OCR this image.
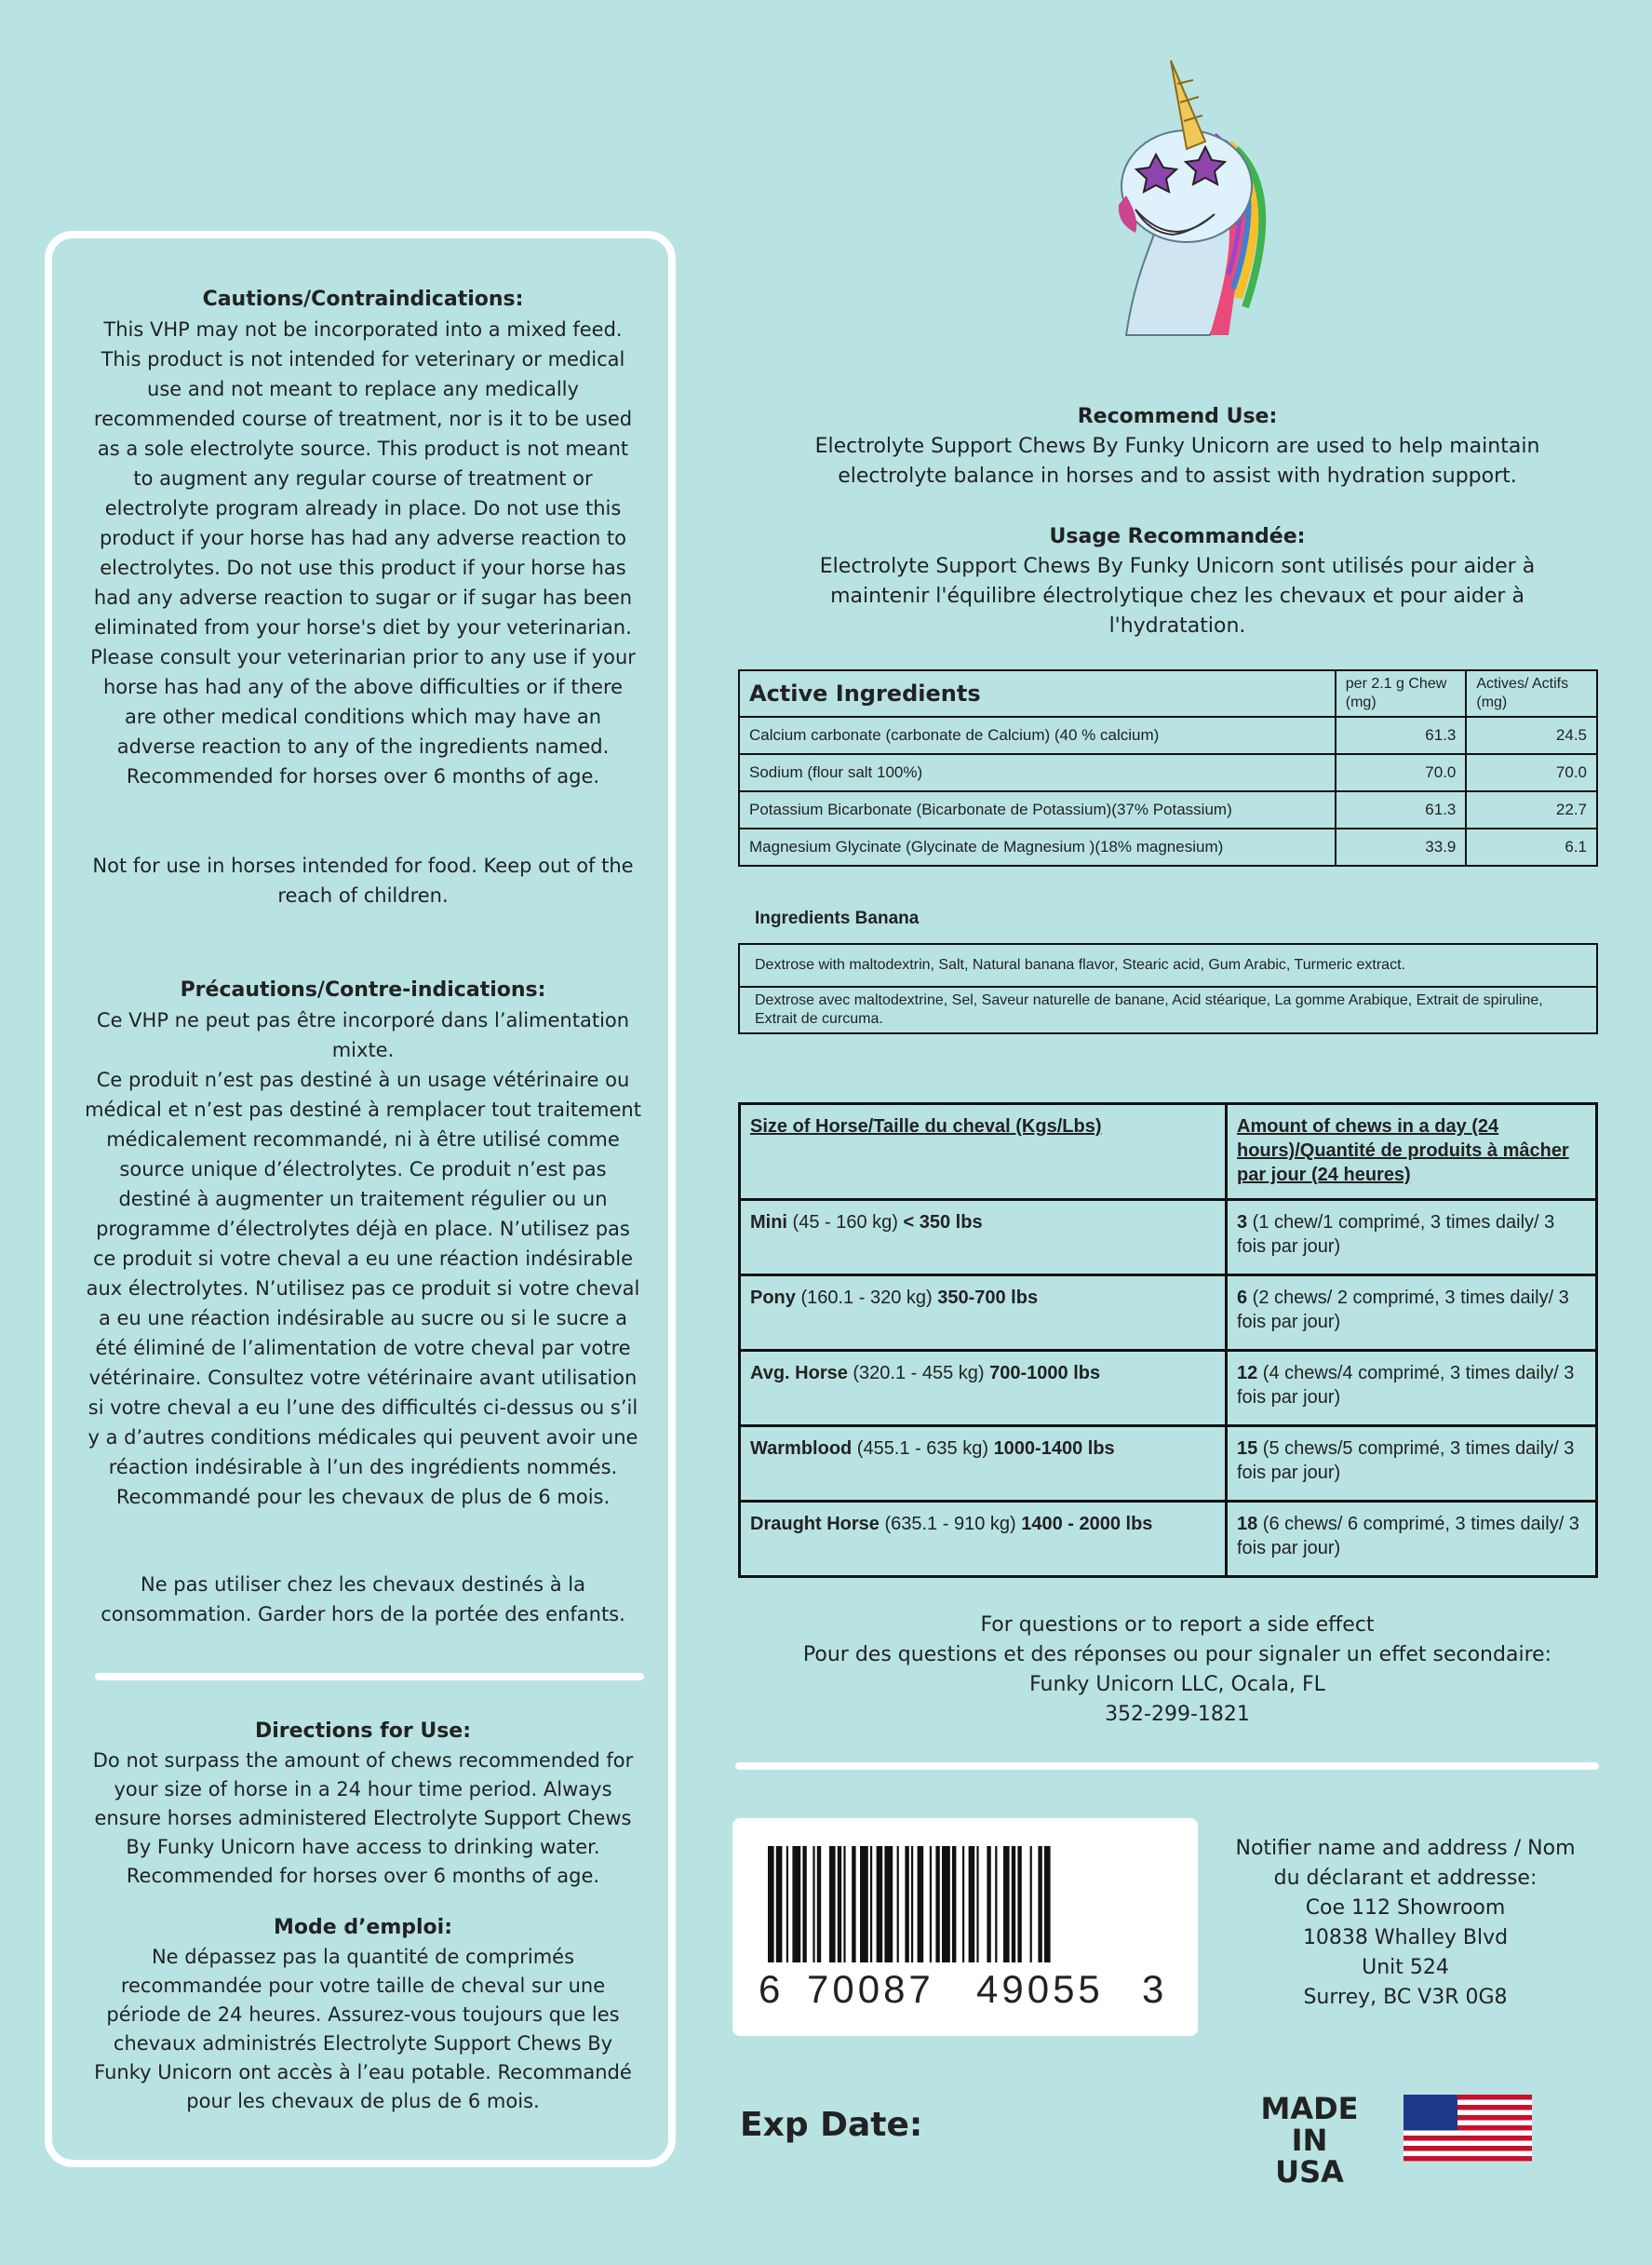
Cautions/Contraindications:

This VHP may not be incorporated into a mixed feed. This product is not intended for veterinary or medical use and not meant to replace any medically recommended course of treatment, nor is it to be used as a sole electrolyte source. This product is not meant to augment any regular course of treatment or electrolyte program already in place. Do not use this product if your horse has had any adverse reaction to electrolytes. Do not use this product if your horse has had any adverse reaction to sugar or if sugar has been eliminated from your horse's diet by your veterinarian. Please consult your veterinarian prior to any use if your horse has had any of the above difficulties or if there are other medical conditions which may have an adverse reaction to any of the ingredients named. Recommended for horses over 6 months of age.

Not for use in horses intended for food. Keep out of the reach of children.

Précautions/Contre-indications:

Ce VHP ne peut pas être incorporé dans l’alimentation mixte.

Ce produit n’est pas destiné à un usage vétérinaire ou médical et n’est pas destiné à remplacer tout traitement médicalement recommandé, ni à être utilisé comme source unique d’électrolytes. Ce produit n’est pas destiné à augmenter un traitement régulier ou un programme d’électrolytes déjà en place. N’utilisez pas ce produit si votre cheval a eu une réaction indésirable aux électrolytes. N’utilisez pas ce produit si votre cheval a eu une réaction indésirable au sucre ou si le sucre a été éliminé de l’alimentation de votre cheval par votre vétérinaire. Consultez votre vétérinaire avant utilisation si votre cheval a eu l’une des difficultés ci-dessus ou s’il y a d’autres conditions médicales qui peuvent avoir une réaction indésirable à l’un des ingrédients nommés. Recommandé pour les chevaux de plus de 6 mois.

Ne pas utiliser chez les chevaux destinés à la consommation. Garder hors de la portée des enfants.

Directions for Use:

Do not surpass the amount of chews recommended for your size of horse in a 24 hour time period. Always ensure horses administered Electrolyte Support Chews By Funky Unicorn have access to drinking water. Recommended for horses over 6 months of age.

Mode d’emploi:

Ne dépassez pas la quantité de comprimés recommandée pour votre taille de cheval sur une période de 24 heures. Assurez-vous toujours que les chevaux administrés Electrolyte Support Chews By Funky Unicorn ont accès à l’eau potable. Recommandé pour les chevaux de plus de 6 mois.

Recommend Use:

Electrolyte Support Chews By Funky Unicorn are used to help maintain electrolyte balance in horses and to assist with hydration support.

Usage Recommandée:

Electrolyte Support Chews By Funky Unicorn sont utilisés pour aider à maintenir l'équilibre électrolytique chez les chevaux et pour aider à l'hydratation.

Active Ingredients	per 2.1 g Chew (mg)	Actives/ Actifs (mg)
Calcium carbonate (carbonate de Calcium) (40 % calcium)	61.3	24.5
Sodium (flour salt 100%)	70.0	70.0
Potassium Bicarbonate (Bicarbonate de Potassium)(37% Potassium)	61.3	22.7
Magnesium Glycinate (Glycinate de Magnesium )(18% magnesium)	33.9	6.1
Ingredients Banana
Dextrose with maltodextrin, Salt, Natural banana flavor, Stearic acid, Gum Arabic, Turmeric extract.
Dextrose avec maltodextrine, Sel, Saveur naturelle de banane, Acid stéarique, La gomme Arabique, Extrait de spiruline, Extrait de curcuma.
Size of Horse/Taille du cheval (Kgs/Lbs)	Amount of chews in a day (24 hours)/Quantité de produits à mâcher par jour (24 heures)
Mini (45 - 160 kg) < 350 lbs	3 (1 chew/1 comprimé, 3 times daily/ 3 fois par jour)
Pony (160.1 - 320 kg) 350-700 lbs	6 (2 chews/ 2 comprimé, 3 times daily/ 3 fois par jour)
Avg. Horse (320.1 - 455 kg) 700-1000 lbs	12 (4 chews/4 comprimé, 3 times daily/ 3 fois par jour)
Warmblood (455.1 - 635 kg) 1000-1400 lbs	15 (5 chews/5 comprimé, 3 times daily/ 3 fois par jour)
Draught Horse (635.1 - 910 kg) 1400 - 2000 lbs	18 (6 chews/ 6 comprimé, 3 times daily/ 3 fois par jour)

For questions or to report a side effect

Pour des questions et des réponses ou pour signaler un effet secondaire:

Funky Unicorn LLC, Ocala, FL

352-299-1821

6 70087 49055 3

Notifier name and address / Nom

du déclarant et addresse:

Coe 112 Showroom

10838 Whalley Blvd

Unit 524

Surrey, BC V3R 0G8

Exp Date:	MADE
IN
USA
